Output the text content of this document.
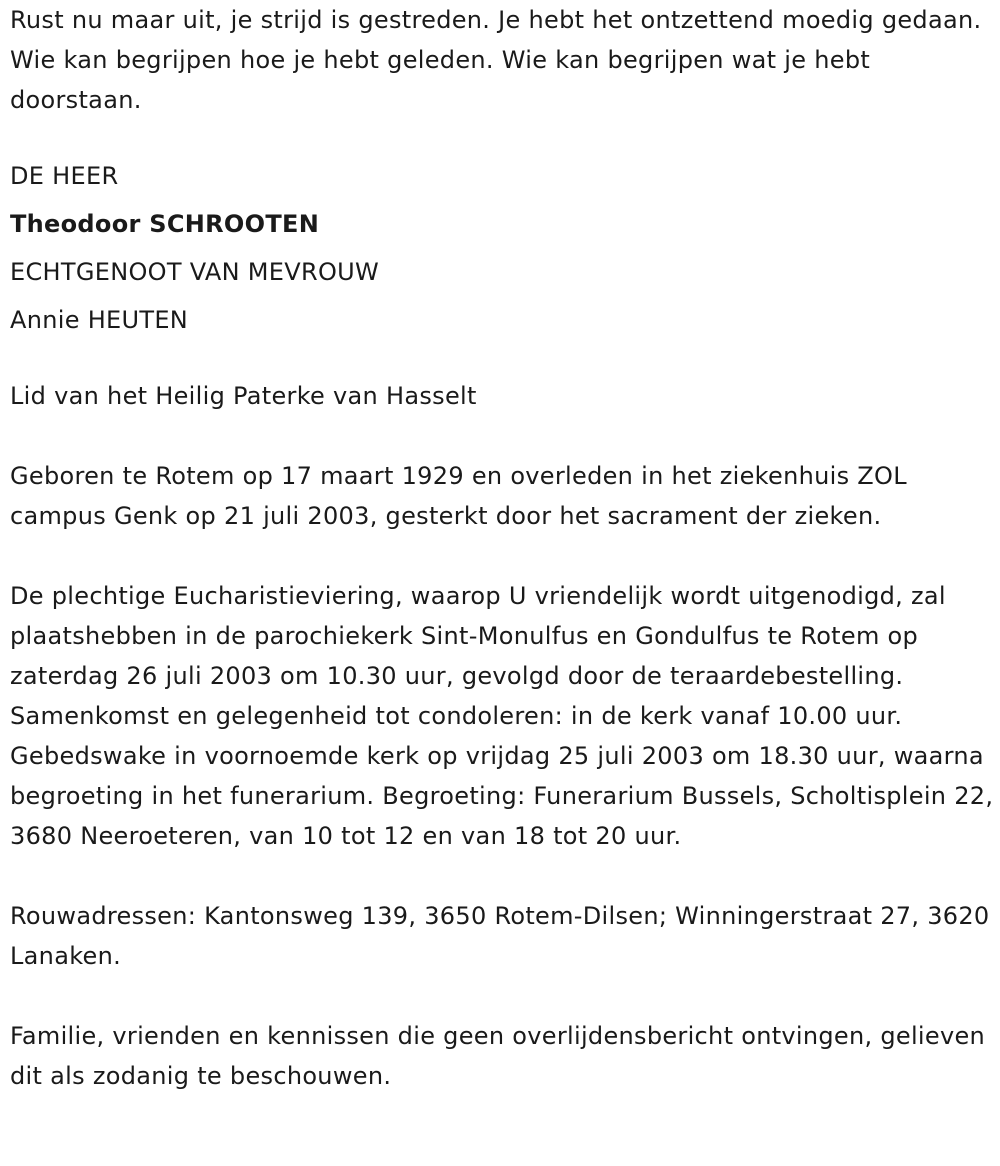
Rust nu maar uit, je strijd is gestreden. Je hebt het ontzettend moedig gedaan. Wie kan begrijpen hoe je hebt geleden. Wie kan begrijpen wat je hebt doorstaan.

DE HEER

Theodoor SCHROOTEN

ECHTGENOOT VAN MEVROUW

Annie HEUTEN

Lid van het Heilig Paterke van Hasselt

Geboren te Rotem op 17 maart 1929 en overleden in het ziekenhuis ZOL campus Genk op 21 juli 2003, gesterkt door het sacrament der zieken.

De plechtige Eucharistieviering, waarop U vriendelijk wordt uitgenodigd, zal plaatshebben in de parochiekerk Sint-Monulfus en Gondulfus te Rotem op zaterdag 26 juli 2003 om 10.30 uur, gevolgd door de teraardebestelling. Samenkomst en gelegenheid tot condoleren: in de kerk vanaf 10.00 uur. Gebedswake in voornoemde kerk op vrijdag 25 juli 2003 om 18.30 uur, waarna begroeting in het funerarium. Begroeting: Funerarium Bussels, Scholtisplein 22, 3680 Neeroeteren, van 10 tot 12 en van 18 tot 20 uur.

Rouwadressen: Kantonsweg 139, 3650 Rotem-Dilsen; Winningerstraat 27, 3620 Lanaken.

Familie, vrienden en kennissen die geen overlijdensbericht ontvingen, gelieven dit als zodanig te beschouwen.
